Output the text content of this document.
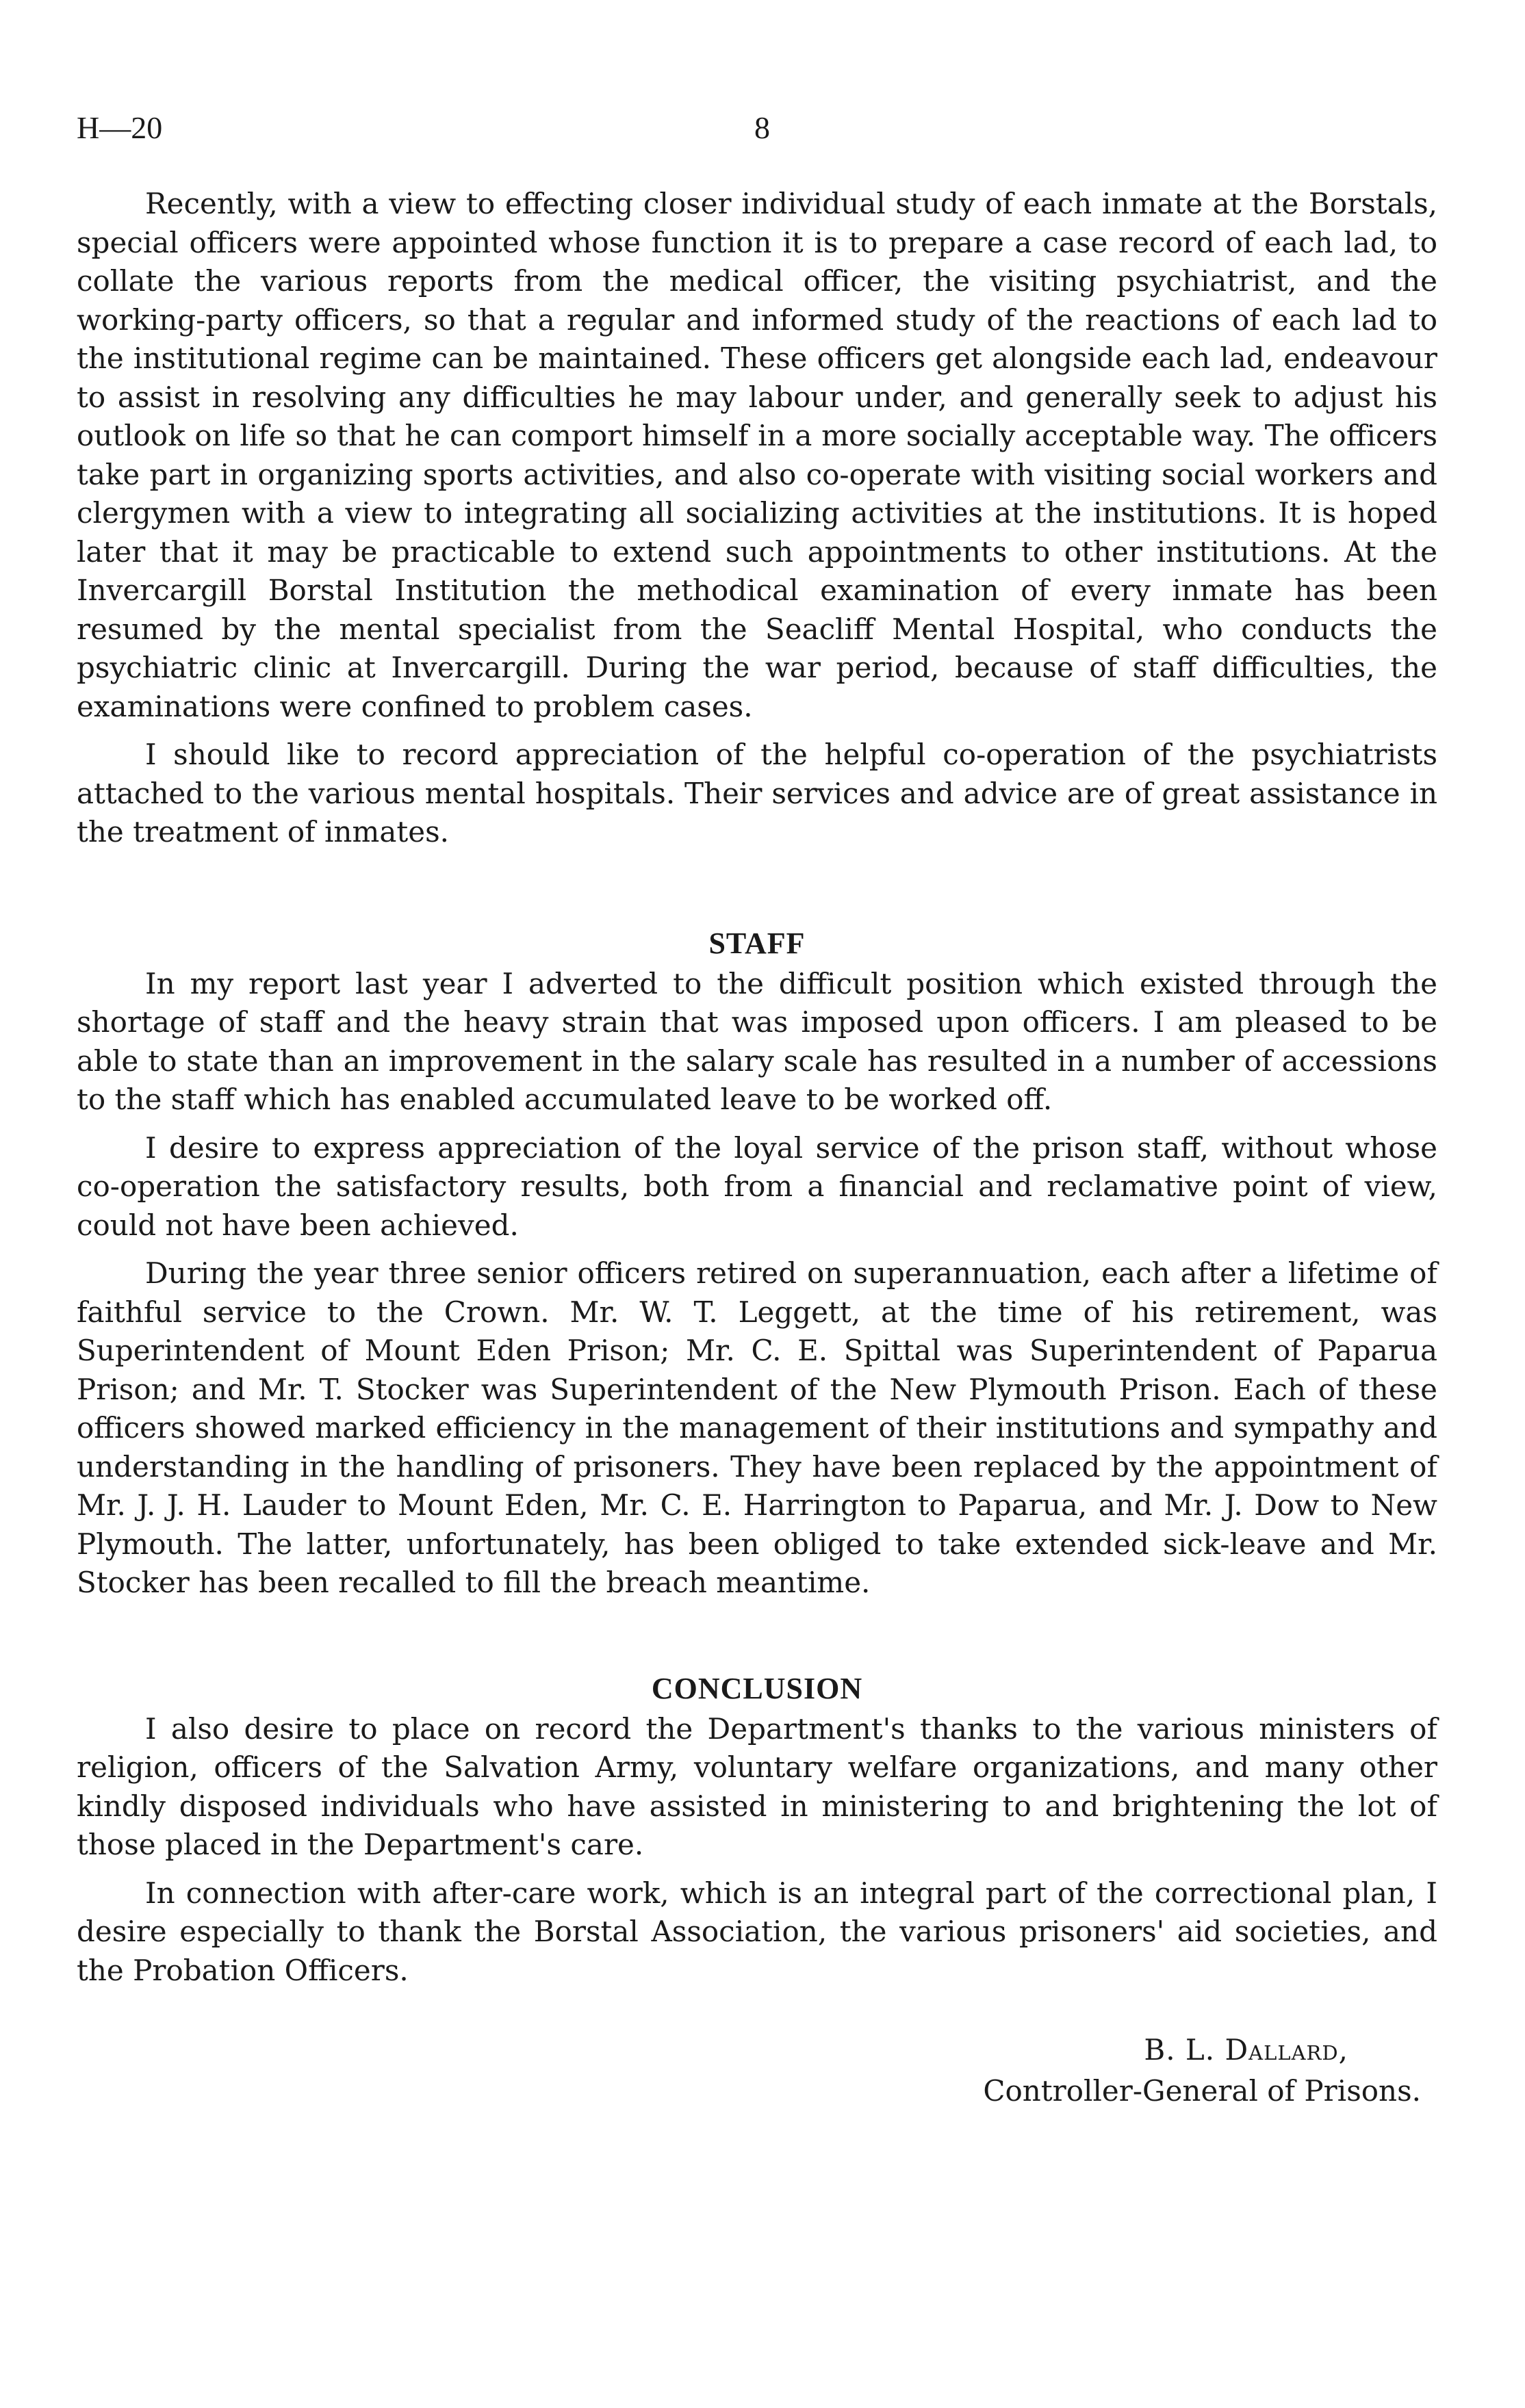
H—20	8

Recently, with a view to effecting closer individual study of each inmate at the Borstals, special officers were appointed whose function it is to prepare a case record of each lad, to collate the various reports from the medical officer, the visiting psychiatrist, and the working-party officers, so that a regular and informed study of the reactions of each lad to the institutional regime can be maintained. These officers get alongside each lad, endeavour to assist in resolving any difficulties he may labour under, and generally seek to adjust his outlook on life so that he can comport himself in a more socially acceptable way. The officers take part in organizing sports activities, and also co-operate with visiting social workers and clergymen with a view to integrating all socializing activities at the institutions. It is hoped later that it may be practicable to extend such appointments to other institutions. At the Invercargill Borstal Institution the methodical examination of every inmate has been resumed by the mental specialist from the Seacliff Mental Hospital, who conducts the psychiatric clinic at Invercargill. During the war period, because of staff difficulties, the examinations were confined to problem cases.

I should like to record appreciation of the helpful co-operation of the psychiatrists attached to the various mental hospitals. Their services and advice are of great assistance in the treatment of inmates.

STAFF

In my report last year I adverted to the difficult position which existed through the shortage of staff and the heavy strain that was imposed upon officers. I am pleased to be able to state than an improvement in the salary scale has resulted in a number of accessions to the staff which has enabled accumulated leave to be worked off.

I desire to express appreciation of the loyal service of the prison staff, without whose co-operation the satisfactory results, both from a financial and reclamative point of view, could not have been achieved.

During the year three senior officers retired on superannuation, each after a lifetime of faithful service to the Crown. Mr. W. T. Leggett, at the time of his retirement, was Superintendent of Mount Eden Prison; Mr. C. E. Spittal was Superintendent of Paparua Prison; and Mr. T. Stocker was Superintendent of the New Plymouth Prison. Each of these officers showed marked efficiency in the management of their institutions and sympathy and understanding in the handling of prisoners. They have been replaced by the appointment of Mr. J. J. H. Lauder to Mount Eden, Mr. C. E. Harrington to Paparua, and Mr. J. Dow to New Plymouth. The latter, unfortunately, has been obliged to take extended sick-leave and Mr. Stocker has been recalled to fill the breach meantime.

CONCLUSION

I also desire to place on record the Department's thanks to the various ministers of religion, officers of the Salvation Army, voluntary welfare organizations, and many other kindly disposed individuals who have assisted in ministering to and brightening the lot of those placed in the Department's care.

In connection with after-care work, which is an integral part of the correctional plan, I desire especially to thank the Borstal Association, the various prisoners' aid societies, and the Probation Officers.

B. L. Dallard,
Controller-General of Prisons.
